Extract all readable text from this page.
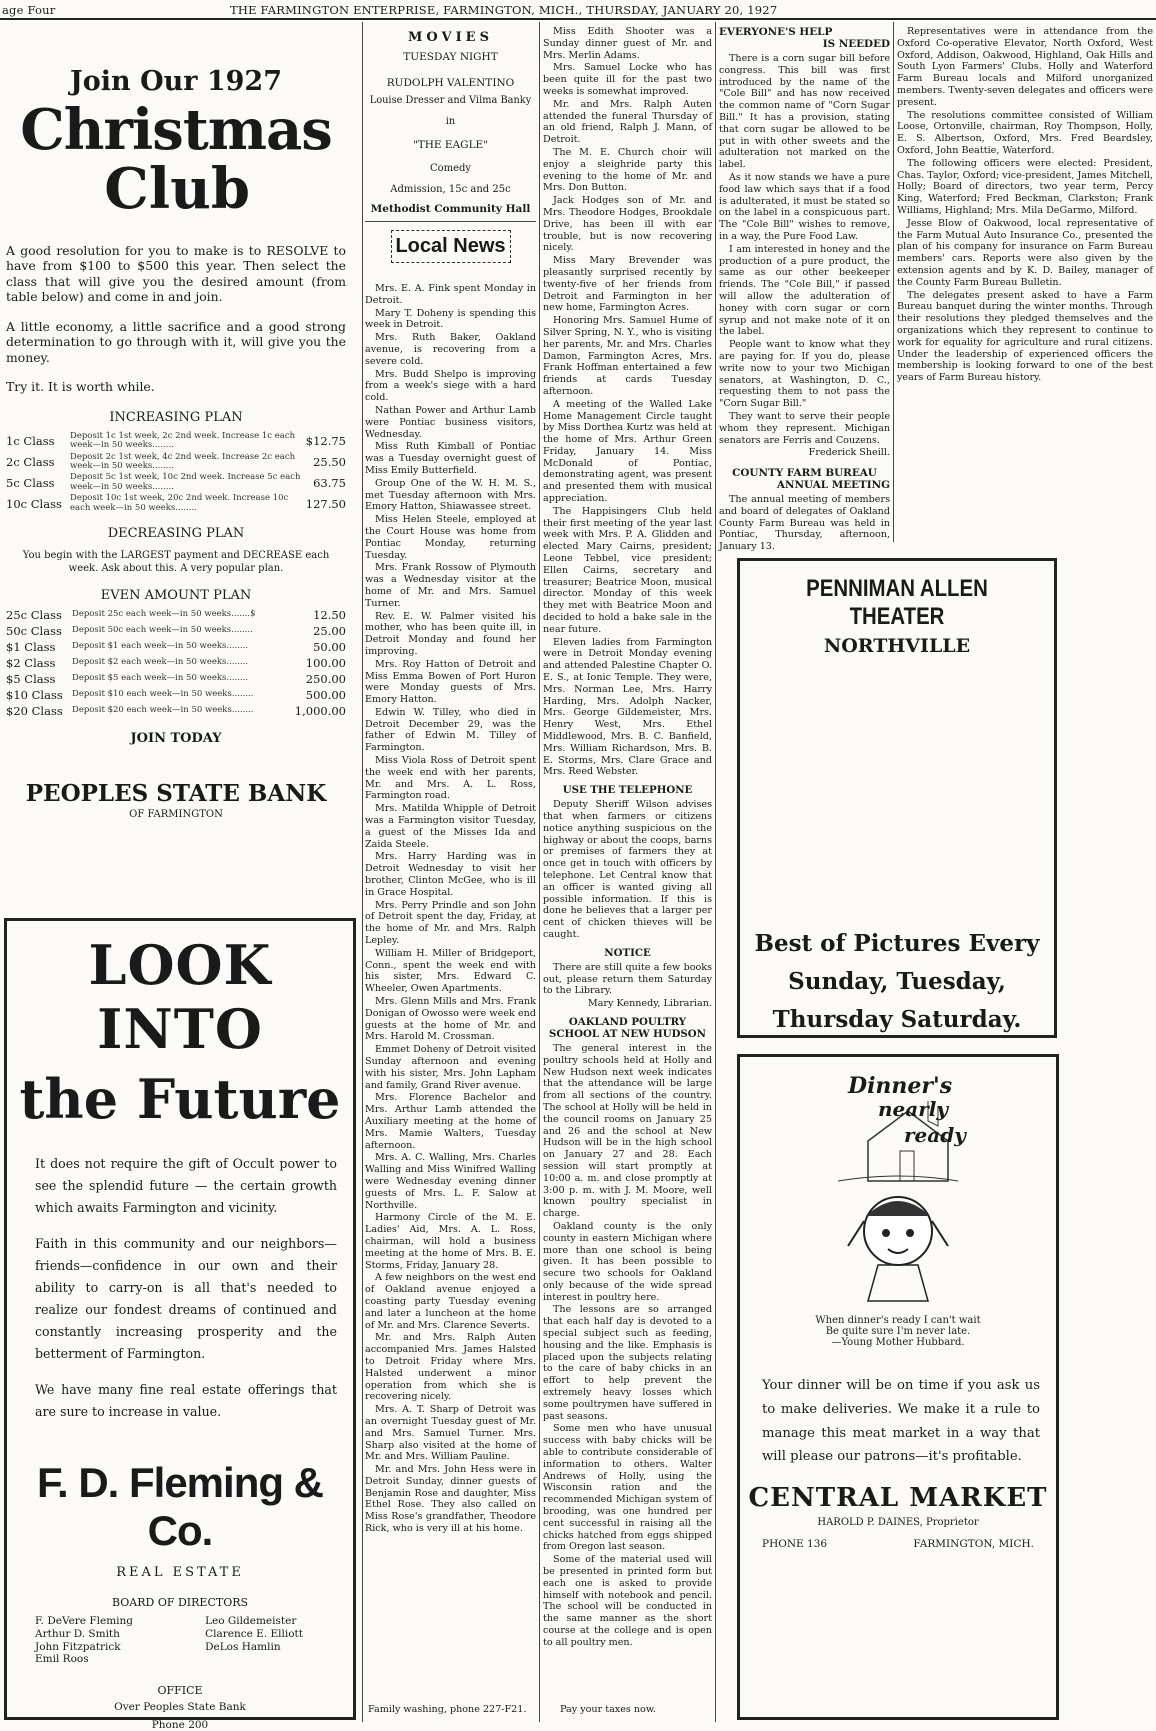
age Four	THE FARMINGTON ENTERPRISE, FARMINGTON, MICH., THURSDAY, JANUARY 20, 1927
Join Our 1927
Christmas
Club

A good resolution for you to make is to RESOLVE to have from $100 to $500 this year. Then select the class that will give you the desired amount (from table below) and come in and join.

A little economy, a little sacrifice and a good strong determination to go through with it, will give you the money.

Try it. It is worth while.

INCREASING PLAN
1c Class	Deposit 1c 1st week, 2c 2nd week. Increase 1c each week—in 50 weeks........	$12.75
2c Class	Deposit 2c 1st week, 4c 2nd week. Increase 2c each week—in 50 weeks........	25.50
5c Class	Deposit 5c 1st week, 10c 2nd week. Increase 5c each week—in 50 weeks........	63.75
10c Class	Deposit 10c 1st week, 20c 2nd week. Increase 10c each week—in 50 weeks........	127.50
DECREASING PLAN

You begin with the LARGEST payment and DECREASE each week. Ask about this. A very popular plan.

EVEN AMOUNT PLAN
25c Class	Deposit 25c each week—in 50 weeks.......$	12.50
50c Class	Deposit 50c each week—in 50 weeks........	25.00
$1 Class	Deposit $1 each week—in 50 weeks........	50.00
$2 Class	Deposit $2 each week—in 50 weeks........	100.00
$5 Class	Deposit $5 each week—in 50 weeks........	250.00
$10 Class	Deposit $10 each week—in 50 weeks........	500.00
$20 Class	Deposit $20 each week—in 50 weeks........	1,000.00
JOIN TODAY
PEOPLES STATE BANK
OF FARMINGTON
LOOK INTO
the Future

It does not require the gift of Occult power to see the splendid future — the certain growth which awaits Farmington and vicinity.

Faith in this community and our neighbors—friends—confidence in our own and their ability to carry-on is all that's needed to realize our fondest dreams of continued and constantly increasing prosperity and the betterment of Farmington.

We have many fine real estate offerings that are sure to increase in value.

F. D. Fleming & Co.
REAL ESTATE
BOARD OF DIRECTORS
F. DeVere Fleming
Arthur D. Smith
John Fitzpatrick
Emil Roos
Leo Gildemeister
Clarence E. Elliott
DeLos Hamlin
OFFICE
Over Peoples State Bank
Phone 200
MOVIES
TUESDAY NIGHT
RUDOLPH VALENTINO
Louise Dresser and Vilma Banky
in
"THE EAGLE"
Comedy
Admission, 15c and 25c
Methodist Community Hall
Local News

Mrs. E. A. Fink spent Monday in Detroit.

Mary T. Doheny is spending this week in Detroit.

Mrs. Ruth Baker, Oakland avenue, is recovering from a severe cold.

Mrs. Budd Shelpo is improving from a week's siege with a hard cold.

Nathan Power and Arthur Lamb were Pontiac business visitors, Wednesday.

Miss Ruth Kimball of Pontiac was a Tuesday overnight guest of Miss Emily Butterfield.

Group One of the W. H. M. S., met Tuesday afternoon with Mrs. Emory Hatton, Shiawassee street.

Miss Helen Steele, employed at the Court House was home from Pontiac Monday, returning Tuesday.

Mrs. Frank Rossow of Plymouth was a Wednesday visitor at the home of Mr. and Mrs. Samuel Turner.

Rev. E. W. Palmer visited his mother, who has been quite ill, in Detroit Monday and found her improving.

Mrs. Roy Hatton of Detroit and Miss Emma Bowen of Port Huron were Monday guests of Mrs. Emory Hatton.

Edwin W. Tilley, who died in Detroit December 29, was the father of Edwin M. Tilley of Farmington.

Miss Viola Ross of Detroit spent the week end with her parents, Mr. and Mrs. A. L. Ross, Farmington road.

Mrs. Matilda Whipple of Detroit was a Farmington visitor Tuesday, a guest of the Misses Ida and Zaida Steele.

Mrs. Harry Harding was in Detroit Wednesday to visit her brother, Clinton McGee, who is ill in Grace Hospital.

Mrs. Perry Prindle and son John of Detroit spent the day, Friday, at the home of Mr. and Mrs. Ralph Lepley.

William H. Miller of Bridgeport, Conn., spent the week end with his sister, Mrs. Edward C. Wheeler, Owen Apartments.

Mrs. Glenn Mills and Mrs. Frank Donigan of Owosso were week end guests at the home of Mr. and Mrs. Harold M. Crossman.

Emmet Doheny of Detroit visited Sunday afternoon and evening with his sister, Mrs. John Lapham and family, Grand River avenue.

Mrs. Florence Bachelor and Mrs. Arthur Lamb attended the Auxiliary meeting at the home of Mrs. Mamie Walters, Tuesday afternoon.

Mrs. A. C. Walling, Mrs. Charles Walling and Miss Winifred Walling were Wednesday evening dinner guests of Mrs. L. F. Salow at Northville.

Harmony Circle of the M. E. Ladies' Aid, Mrs. A. L. Ross, chairman, will hold a business meeting at the home of Mrs. B. E. Storms, Friday, January 28.

A few neighbors on the west end of Oakland avenue enjoyed a coasting party Tuesday evening and later a luncheon at the home of Mr. and Mrs. Clarence Severts.

Mr. and Mrs. Ralph Auten accompanied Mrs. James Halsted to Detroit Friday where Mrs. Halsted underwent a minor operation from which she is recovering nicely.

Mrs. A. T. Sharp of Detroit was an overnight Tuesday guest of Mr. and Mrs. Samuel Turner. Mrs. Sharp also visited at the home of Mr. and Mrs. William Pauline.

Mr. and Mrs. John Hess were in Detroit Sunday, dinner guests of Benjamin Rose and daughter, Miss Ethel Rose. They also called on Miss Rose's grandfather, Theodore Rick, who is very ill at his home.

Family washing, phone 227-F21.

Miss Edith Shooter was a Sunday dinner guest of Mr. and Mrs. Merlin Adams.

Mrs. Samuel Locke who has been quite ill for the past two weeks is somewhat improved.

Mr. and Mrs. Ralph Auten attended the funeral Thursday of an old friend, Ralph J. Mann, of Detroit.

The M. E. Church choir will enjoy a sleighride party this evening to the home of Mr. and Mrs. Don Button.

Jack Hodges son of Mr. and Mrs. Theodore Hodges, Brookdale Drive, has been ill with ear trouble, but is now recovering nicely.

Miss Mary Brevender was pleasantly surprised recently by twenty-five of her friends from Detroit and Farmington in her new home, Farmington Acres.

Honoring Mrs. Samuel Hume of Silver Spring, N. Y., who is visiting her parents, Mr. and Mrs. Charles Damon, Farmington Acres, Mrs. Frank Hoffman entertained a few friends at cards Tuesday afternoon.

A meeting of the Walled Lake Home Management Circle taught by Miss Dorthea Kurtz was held at the home of Mrs. Arthur Green Friday, January 14. Miss McDonald of Pontiac, demonstrating agent, was present and presented them with musical appreciation.

The Happisingers Club held their first meeting of the year last week with Mrs. P. A. Glidden and elected Mary Cairns, president; Leone Tebbel, vice president; Ellen Cairns, secretary and treasurer; Beatrice Moon, musical director. Monday of this week they met with Beatrice Moon and decided to hold a bake sale in the near future.

Eleven ladies from Farmington were in Detroit Monday evening and attended Palestine Chapter O. E. S., at Ionic Temple. They were, Mrs. Norman Lee, Mrs. Harry Harding, Mrs. Adolph Nacker, Mrs. George Gildemeister, Mrs. Henry West, Mrs. Ethel Middlewood, Mrs. B. C. Banfield, Mrs. William Richardson, Mrs. B. E. Storms, Mrs. Clare Grace and Mrs. Reed Webster.

USE THE TELEPHONE

Deputy Sheriff Wilson advises that when farmers or citizens notice anything suspicious on the highway or about the coops, barns or premises of farmers they at once get in touch with officers by telephone. Let Central know that an officer is wanted giving all possible information. If this is done he believes that a larger per cent of chicken thieves will be caught.

NOTICE

There are still quite a few books out, please return them Saturday to the Library.

Mary Kennedy, Librarian.

OAKLAND POULTRY SCHOOL AT NEW HUDSON

The general interest in the poultry schools held at Holly and New Hudson next week indicates that the attendance will be large from all sections of the country. The school at Holly will be held in the council rooms on January 25 and 26 and the school at New Hudson will be in the high school on January 27 and 28. Each session will start promptly at 10:00 a. m. and close promptly at 3:00 p. m. with J. M. Moore, well known poultry specialist in charge.

Oakland county is the only county in eastern Michigan where more than one school is being given. It has been possible to secure two schools for Oakland only because of the wide spread interest in poultry here.

The lessons are so arranged that each half day is devoted to a special subject such as feeding, housing and the like. Emphasis is placed upon the subjects relating to the care of baby chicks in an effort to help prevent the extremely heavy losses which some poultrymen have suffered in past seasons.

Some men who have unusual success with baby chicks will be able to contribute considerable of information to others. Walter Andrews of Holly, using the Wisconsin ration and the recommended Michigan system of brooding, was one hundred per cent successful in raising all the chicks hatched from eggs shipped from Oregon last season.

Some of the material used will be presented in printed form but each one is asked to provide himself with notebook and pencil. The school will be conducted in the same manner as the short course at the college and is open to all poultry men.

Pay your taxes now.
EVERYONE'S HELP
IS NEEDED

There is a corn sugar bill before congress. This bill was first introduced by the name of the "Cole Bill" and has now received the common name of "Corn Sugar Bill." It has a provision, stating that corn sugar be allowed to be put in with other sweets and the adulteration not marked on the label.

As it now stands we have a pure food law which says that if a food is adulterated, it must be stated so on the label in a conspicuous part. The "Cole Bill" wishes to remove, in a way, the Pure Food Law.

I am interested in honey and the production of a pure product, the same as our other beekeeper friends. The "Cole Bill," if passed will allow the adulteration of honey with corn sugar or corn syrup and not make note of it on the label.

People want to know what they are paying for. If you do, please write now to your two Michigan senators, at Washington, D. C., requesting them to not pass the "Corn Sugar Bill."

They want to serve their people whom they represent. Michigan senators are Ferris and Couzens.

Frederick Sheill.

COUNTY FARM BUREAU
ANNUAL MEETING

The annual meeting of members and board of delegates of Oakland County Farm Bureau was held in Pontiac, Thursday, afternoon, January 13.

Representatives were in attendance from the Oxford Co-operative Elevator, North Oxford, West Oxford, Addison, Oakwood, Highland, Oak Hills and South Lyon Farmers' Clubs. Holly and Waterford Farm Bureau locals and Milford unorganized members. Twenty-seven delegates and officers were present.

The resolutions committee consisted of William Loose, Ortonville, chairman, Roy Thompson, Holly, E. S. Albertson, Oxford, Mrs. Fred Beardsley, Oxford, John Beattie, Waterford.

The following officers were elected: President, Chas. Taylor, Oxford; vice-president, James Mitchell, Holly; Board of directors, two year term, Percy King, Waterford; Fred Beckman, Clarkston; Frank Williams, Highland; Mrs. Mila DeGarmo, Milford.

Jesse Blow of Oakwood, local representative of the Farm Mutual Auto Insurance Co., presented the plan of his company for insurance on Farm Bureau members' cars. Reports were also given by the extension agents and by K. D. Bailey, manager of the County Farm Bureau Bulletin.

The delegates present asked to have a Farm Bureau banquet during the winter months. Through their resolutions they pledged themselves and the organizations which they represent to continue to work for equality for agriculture and rural citizens. Under the leadership of experienced officers the membership is looking forward to one of the best years of Farm Bureau history.

PENNIMAN ALLEN THEATER
NORTHVILLE
Best of Pictures Every Sunday, Tuesday, Thursday Saturday.
Dinner's
nearly
ready
When dinner's ready I can't wait
Be quite sure I'm never late.
—Young Mother Hubbard.

Your dinner will be on time if you ask us to make deliveries. We make it a rule to manage this meat market in a way that will please our patrons—it's profitable.

CENTRAL MARKET
HAROLD P. DAINES, Proprietor
PHONE 136	FARMINGTON, MICH.
